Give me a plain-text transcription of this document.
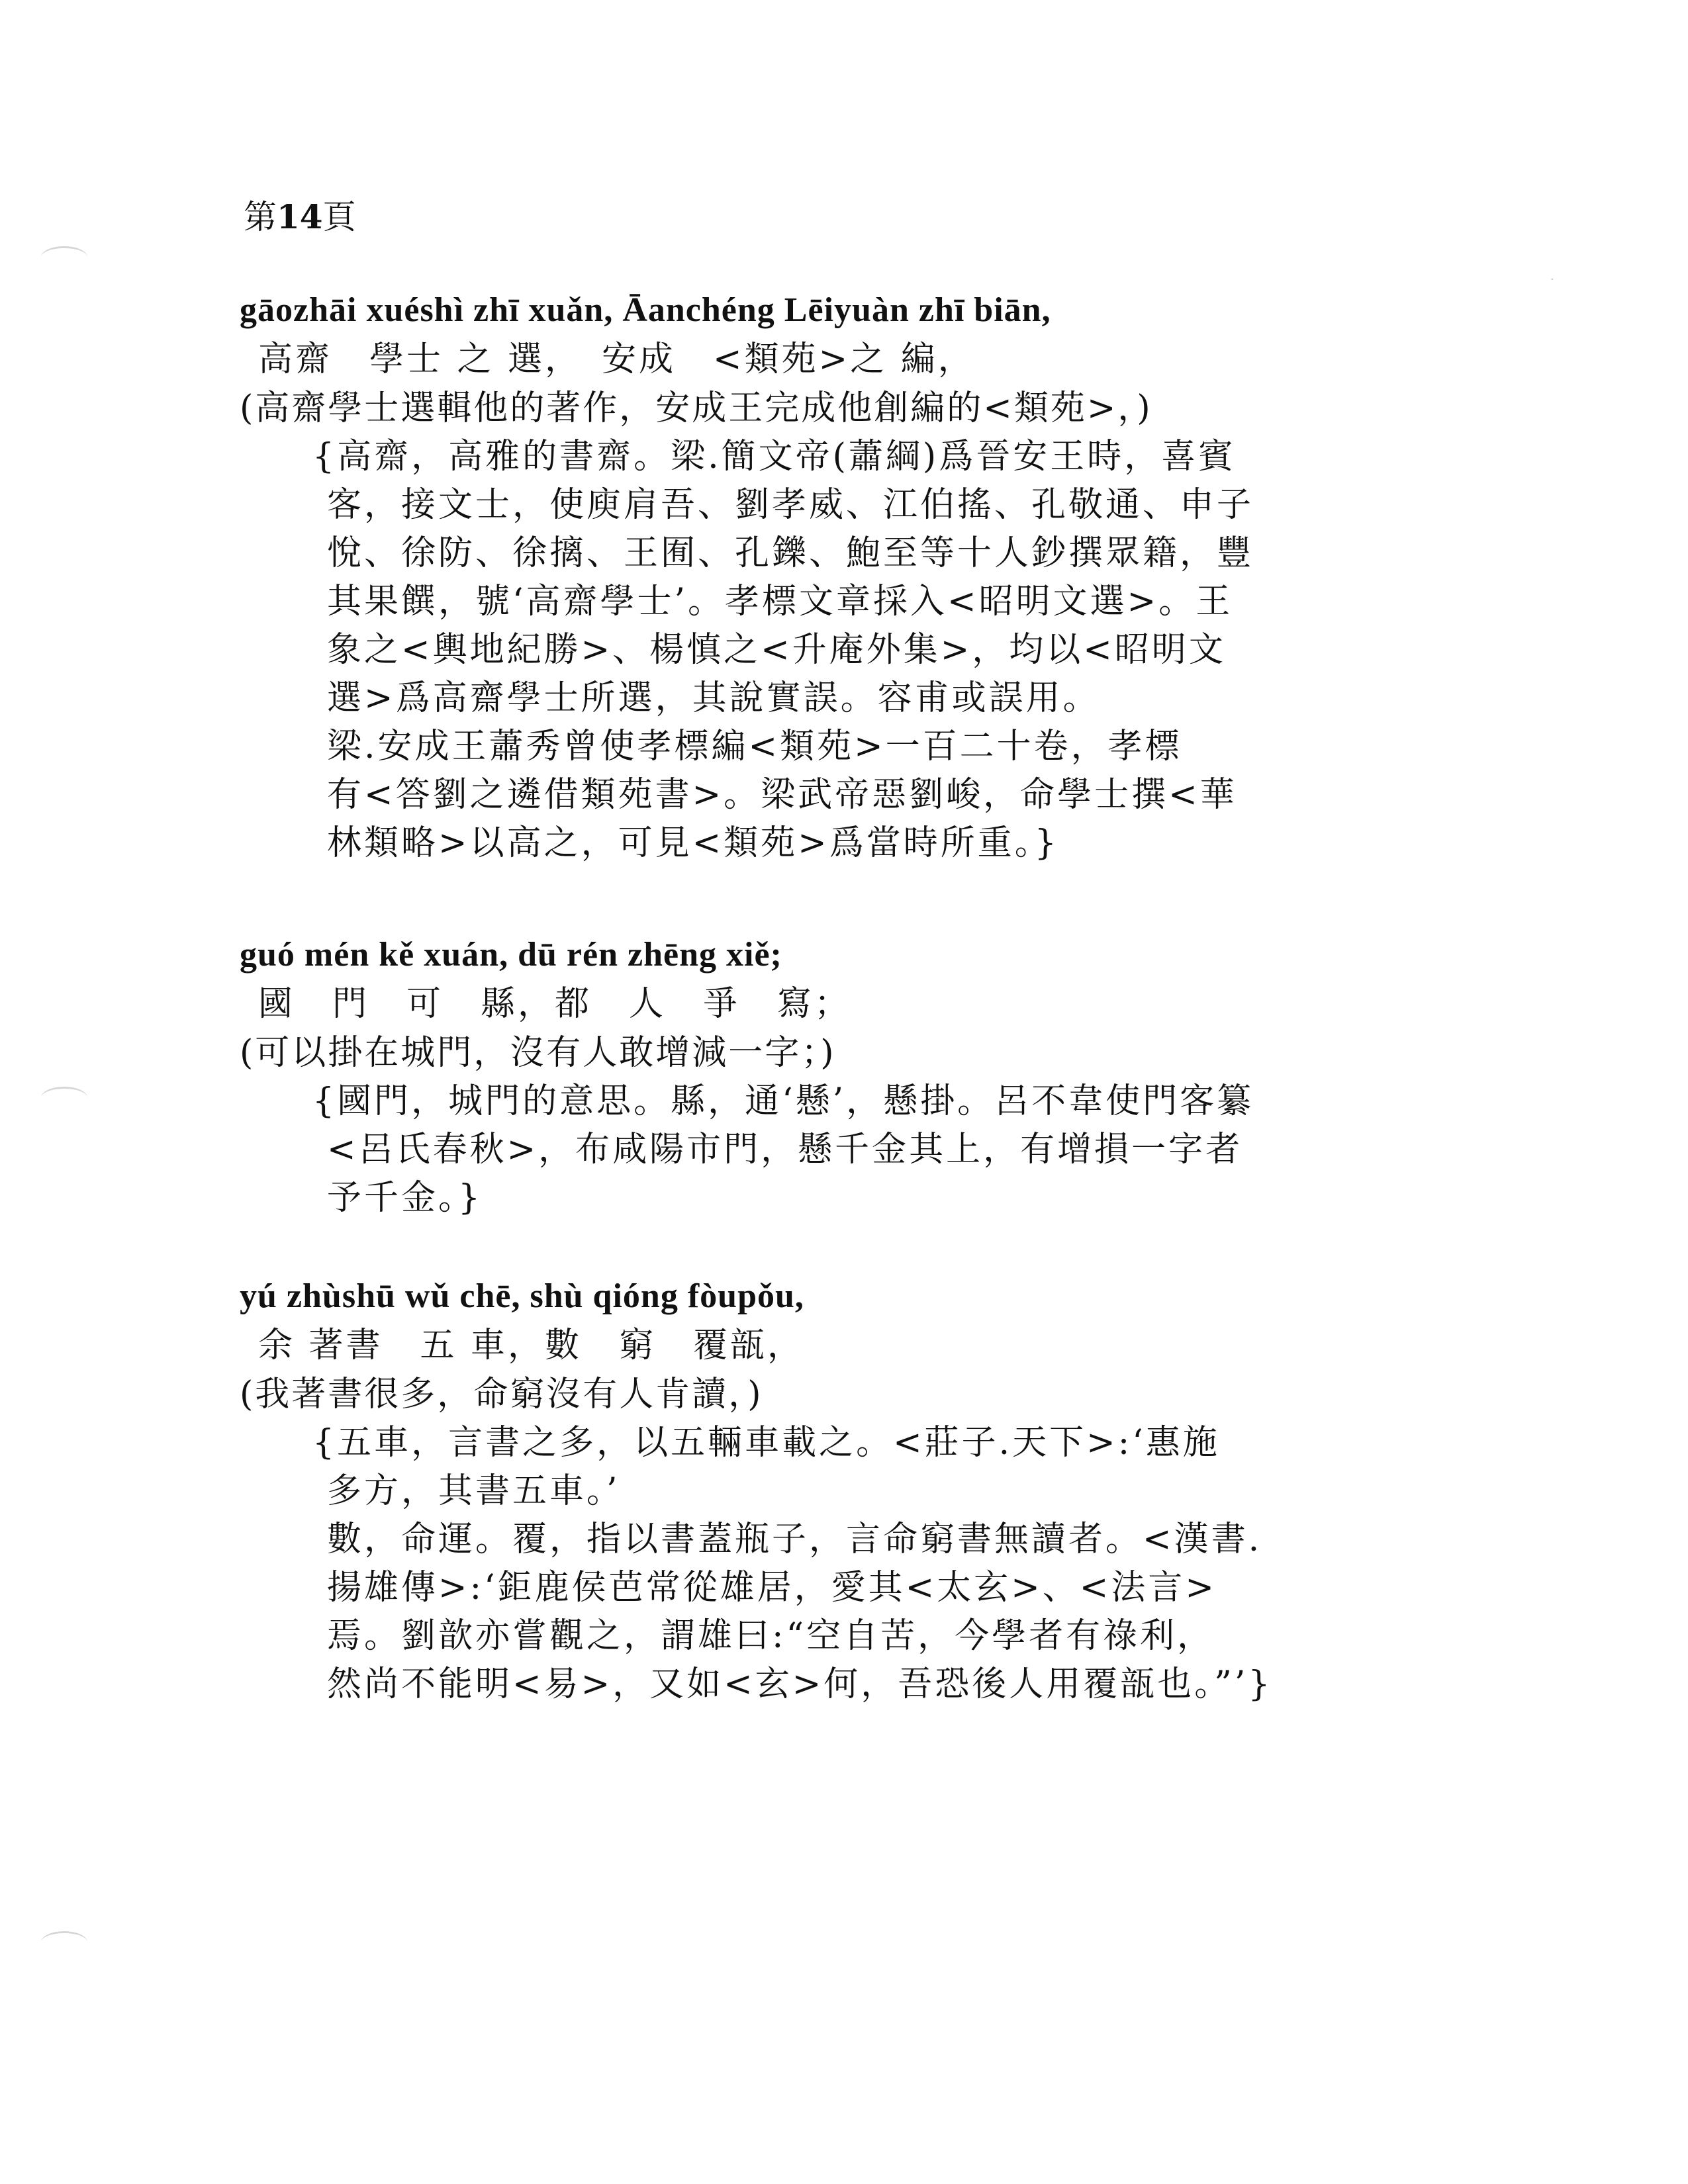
·
第14頁
gāozhāi xuéshì zhī xuǎn, Āanchéng Lēiyuàn zhī biān,
高齋　學士 之 選，　安成　<類苑>之 編，
(高齋學士選輯他的著作，安成王完成他創編的<類苑>，)
{高齋，高雅的書齋。梁.簡文帝(蕭綱)爲晉安王時，喜賓
客，接文士，使庾肩吾、劉孝威、江伯搖、孔敬通、申子
悅、徐防、徐摛、王囿、孔鑠、鮑至等十人鈔撰眾籍，豐
其果饌，號‘高齋學士’。孝標文章採入<昭明文選>。王
象之<輿地紀勝>、楊慎之<升庵外集>，均以<昭明文
選>爲高齋學士所選，其說實誤。容甫或誤用。
梁.安成王蕭秀曾使孝標編<類苑>一百二十卷，孝標
有<答劉之遴借類苑書>。梁武帝惡劉峻，命學士撰<華
林類略>以高之，可見<類苑>爲當時所重。}
guó mén kě xuán, dū rén zhēng xiě;
國　門　可　縣，都　人　爭　寫；
(可以掛在城門，沒有人敢增減一字；)
{國門，城門的意思。縣，通‘懸’，懸掛。呂不韋使門客纂
<呂氏春秋>，布咸陽市門，懸千金其上，有增損一字者
予千金。}
yú zhùshū wǔ chē, shù qióng fòupǒu,
余 著書　五 車，數　窮　覆瓿，
(我著書很多，命窮沒有人肯讀，)
{五車，言書之多，以五輛車載之。<莊子.天下>:‘惠施
多方，其書五車。’
數，命運。覆，指以書蓋瓶子，言命窮書無讀者。<漢書.
揚雄傳>:‘鉅鹿侯芭常從雄居，愛其<太玄>、<法言>
焉。劉歆亦嘗觀之，謂雄曰:“空自苦，今學者有祿利，
然尚不能明<易>，又如<玄>何，吾恐後人用覆瓿也。”’}
